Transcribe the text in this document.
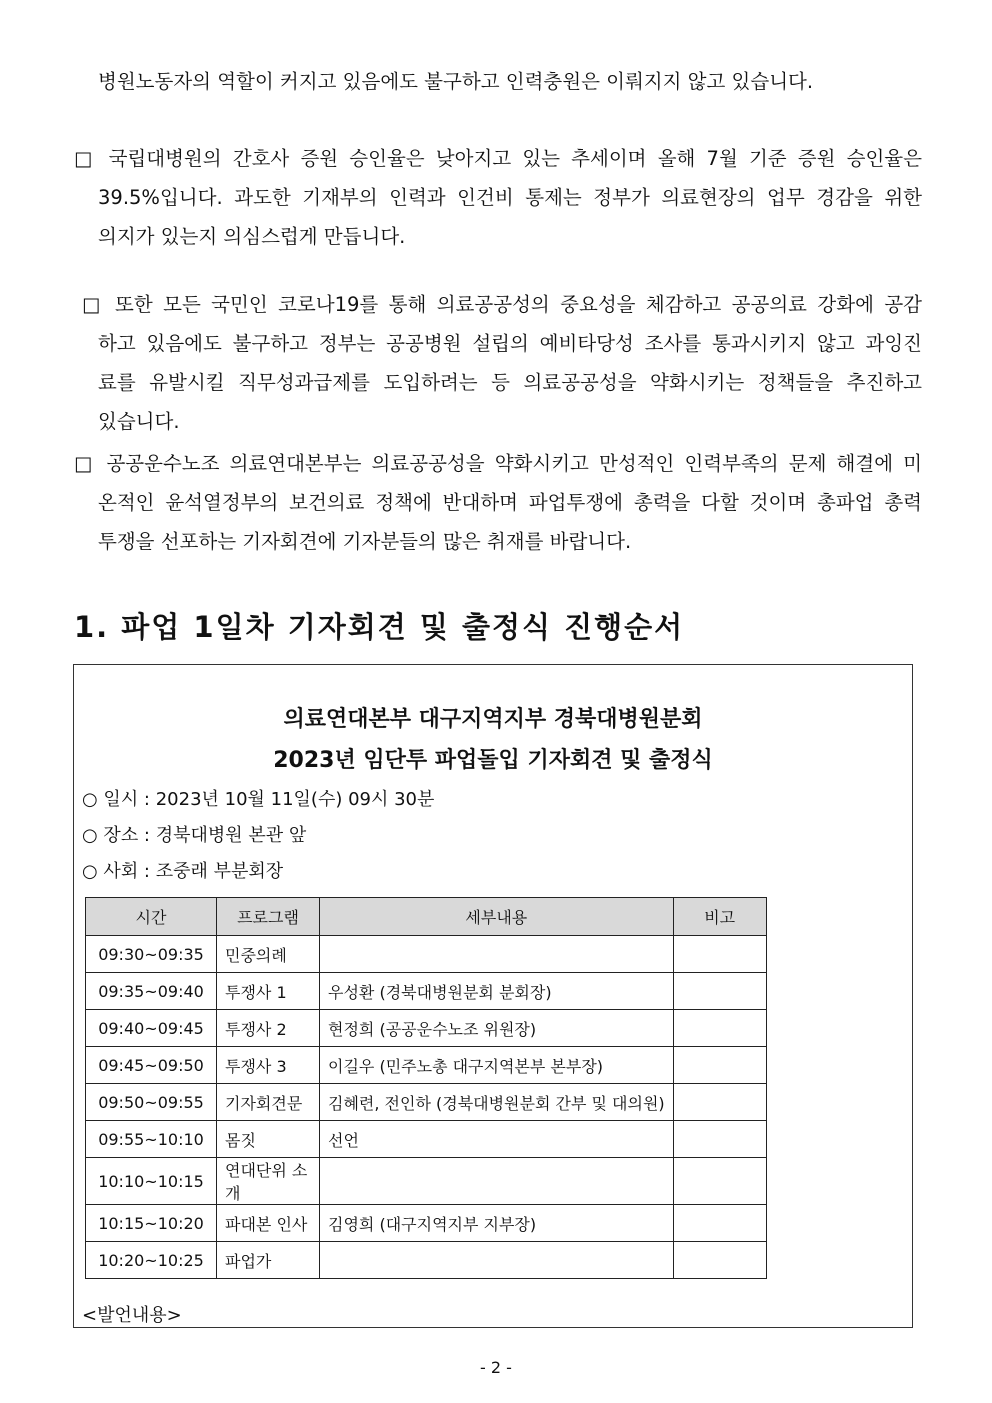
병원노동자의 역할이 커지고 있음에도 불구하고 인력충원은 이뤄지지 않고 있습니다.
□ 국립대병원의 간호사 증원 승인율은 낮아지고 있는 추세이며 올해 7월 기준 증원 승인율은
39.5%입니다. 과도한 기재부의 인력과 인건비 통제는 정부가 의료현장의 업무 경감을 위한
의지가 있는지 의심스럽게 만듭니다.
□ 또한 모든 국민인 코로나19를 통해 의료공공성의 중요성을 체감하고 공공의료 강화에 공감
하고 있음에도 불구하고 정부는 공공병원 설립의 예비타당성 조사를 통과시키지 않고 과잉진
료를 유발시킬 직무성과급제를 도입하려는 등 의료공공성을 약화시키는 정책들을 추진하고
있습니다.
□ 공공운수노조 의료연대본부는 의료공공성을 약화시키고 만성적인 인력부족의 문제 해결에 미
온적인 윤석열정부의 보건의료 정책에 반대하며 파업투쟁에 총력을 다할 것이며 총파업 총력
투쟁을 선포하는 기자회견에 기자분들의 많은 취재를 바랍니다.
1. 파업 1일차 기자회견 및 출정식 진행순서
의료연대본부 대구지역지부 경북대병원분회
2023년 임단투 파업돌입 기자회견 및 출정식
○ 일시 : 2023년 10월 11일(수) 09시 30분
○ 장소 : 경북대병원 본관 앞
○ 사회 : 조중래 부분회장
시간	프로그램	세부내용	비고
09:30~09:35	민중의례		
09:35~09:40	투쟁사 1	우성환 (경북대병원분회 분회장)	
09:40~09:45	투쟁사 2	현정희 (공공운수노조 위원장)	
09:45~09:50	투쟁사 3	이길우 (민주노총 대구지역본부 본부장)	
09:50~09:55	기자회견문	김혜련, 전인하 (경북대병원분회 간부 및 대의원)	
09:55~10:10	몸짓	선언	
10:10~10:15	연대단위 소개		
10:15~10:20	파대본 인사	김영희 (대구지역지부 지부장)	
10:20~10:25	파업가		
<발언내용>
- 2 -
